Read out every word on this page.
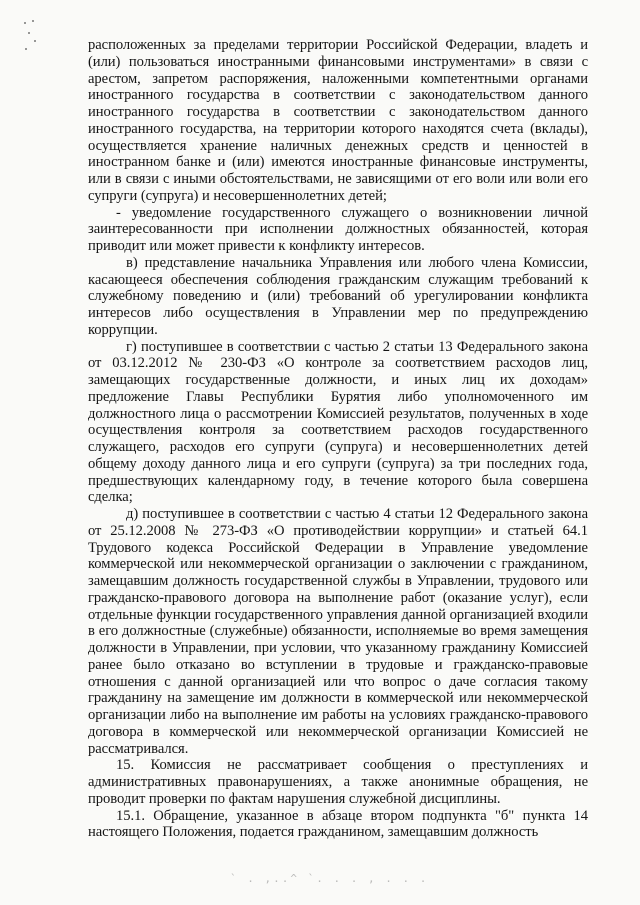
расположенных за пределами территории Российской Федерации, владеть и (или) пользоваться иностранными финансовыми инструментами» в связи с арестом, запретом распоряжения, наложенными компетентными органами иностранного государства в соответствии с законодательством данного иностранного государства в соответствии с законодательством данного иностранного государства, на территории которого находятся счета (вклады), осуществляется хранение наличных денежных средств и ценностей в иностранном банке и (или) имеются иностранные финансовые инструменты, или в связи с иными обстоятельствами, не зависящими от его воли или воли его супруги (супруга) и несовершеннолетних детей;

- уведомление государственного служащего о возникновении личной заинтересованности при исполнении должностных обязанностей, которая приводит или может привести к конфликту интересов.

в) представление начальника Управления или любого члена Комиссии, касающееся обеспечения соблюдения гражданским служащим требований к служебному поведению и (или) требований об урегулировании конфликта интересов либо осуществления в Управлении мер по предупреждению коррупции.

г) поступившее в соответствии с частью 2 статьи 13 Федерального закона от 03.12.2012 № 230-ФЗ «О контроле за соответствием расходов лиц, замещающих государственные должности, и иных лиц их доходам» предложение Главы Республики Бурятия либо уполномоченного им должностного лица о рассмотрении Комиссией результатов, полученных в ходе осуществления контроля за соответствием расходов государственного служащего, расходов его супруги (супруга) и несовершеннолетних детей общему доходу данного лица и его супруги (супруга) за три последних года, предшествующих календарному году, в течение которого была совершена сделка;

д) поступившее в соответствии с частью 4 статьи 12 Федерального закона от 25.12.2008 № 273-ФЗ «О противодействии коррупции» и статьей 64.1 Трудового кодекса Российской Федерации в Управление уведомление коммерческой или некоммерческой организации о заключении с гражданином, замещавшим должность государственной службы в Управлении, трудового или гражданско-правового договора на выполнение работ (оказание услуг), если отдельные функции государственного управления данной организацией входили в его должностные (служебные) обязанности, исполняемые во время замещения должности в Управлении, при условии, что указанному гражданину Комиссией ранее было отказано во вступлении в трудовые и гражданско-правовые отношения с данной организацией или что вопрос о даче согласия такому гражданину на замещение им должности в коммерческой или некоммерческой организации либо на выполнение им работы на условиях гражданско-правового договора в коммерческой или некоммерческой организации Комиссией не рассматривался.

15. Комиссия не рассматривает сообщения о преступлениях и административных правонарушениях, а также анонимные обращения, не проводит проверки по фактам нарушения служебной дисциплины.

15.1. Обращение, указанное в абзаце втором подпункта "б" пункта 14 настоящего Положения, подается гражданином, замещавшим должность

` . ,..^ `. . . , . . .
